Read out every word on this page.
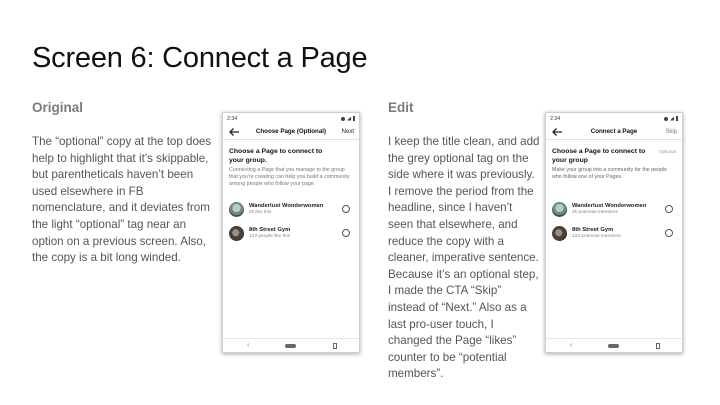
Screen 6: Connect a Page
Original
The “optional” copy at the top does help to highlight that it’s skippable, but parentheticals haven’t been used elsewhere in FB nomenclature, and it deviates from the light “optional” tag near an option on a previous screen. Also, the copy is a bit long winded.
2:34
Choose Page (Optional)	Next
Choose a Page to connect to your group.
Connecting a Page that you manage to the group that you're creating can help you build a community among people who follow your page.
Wanderlust Wonderwomen
2k like this
8th Street Gym
123 people like this
‹
Edit
I keep the title clean, and add the grey optional tag on the side where it was previously. I remove the period from the headline, since I haven’t seen that elsewhere, and reduce the copy with a cleaner, imperative sentence. Because it’s an optional step, I made the CTA “Skip” instead of “Next.” Also as a last pro-user touch, I changed the Page “likes” counter to be “potential members”.
2:34
Connect a Page	Skip
Choose a Page to connect to your group
Optional
Make your group into a community for the people who follow one of your Pages.
Wanderlust Wonderwomen
2k potential members
8th Street Gym
123 potential members
‹
